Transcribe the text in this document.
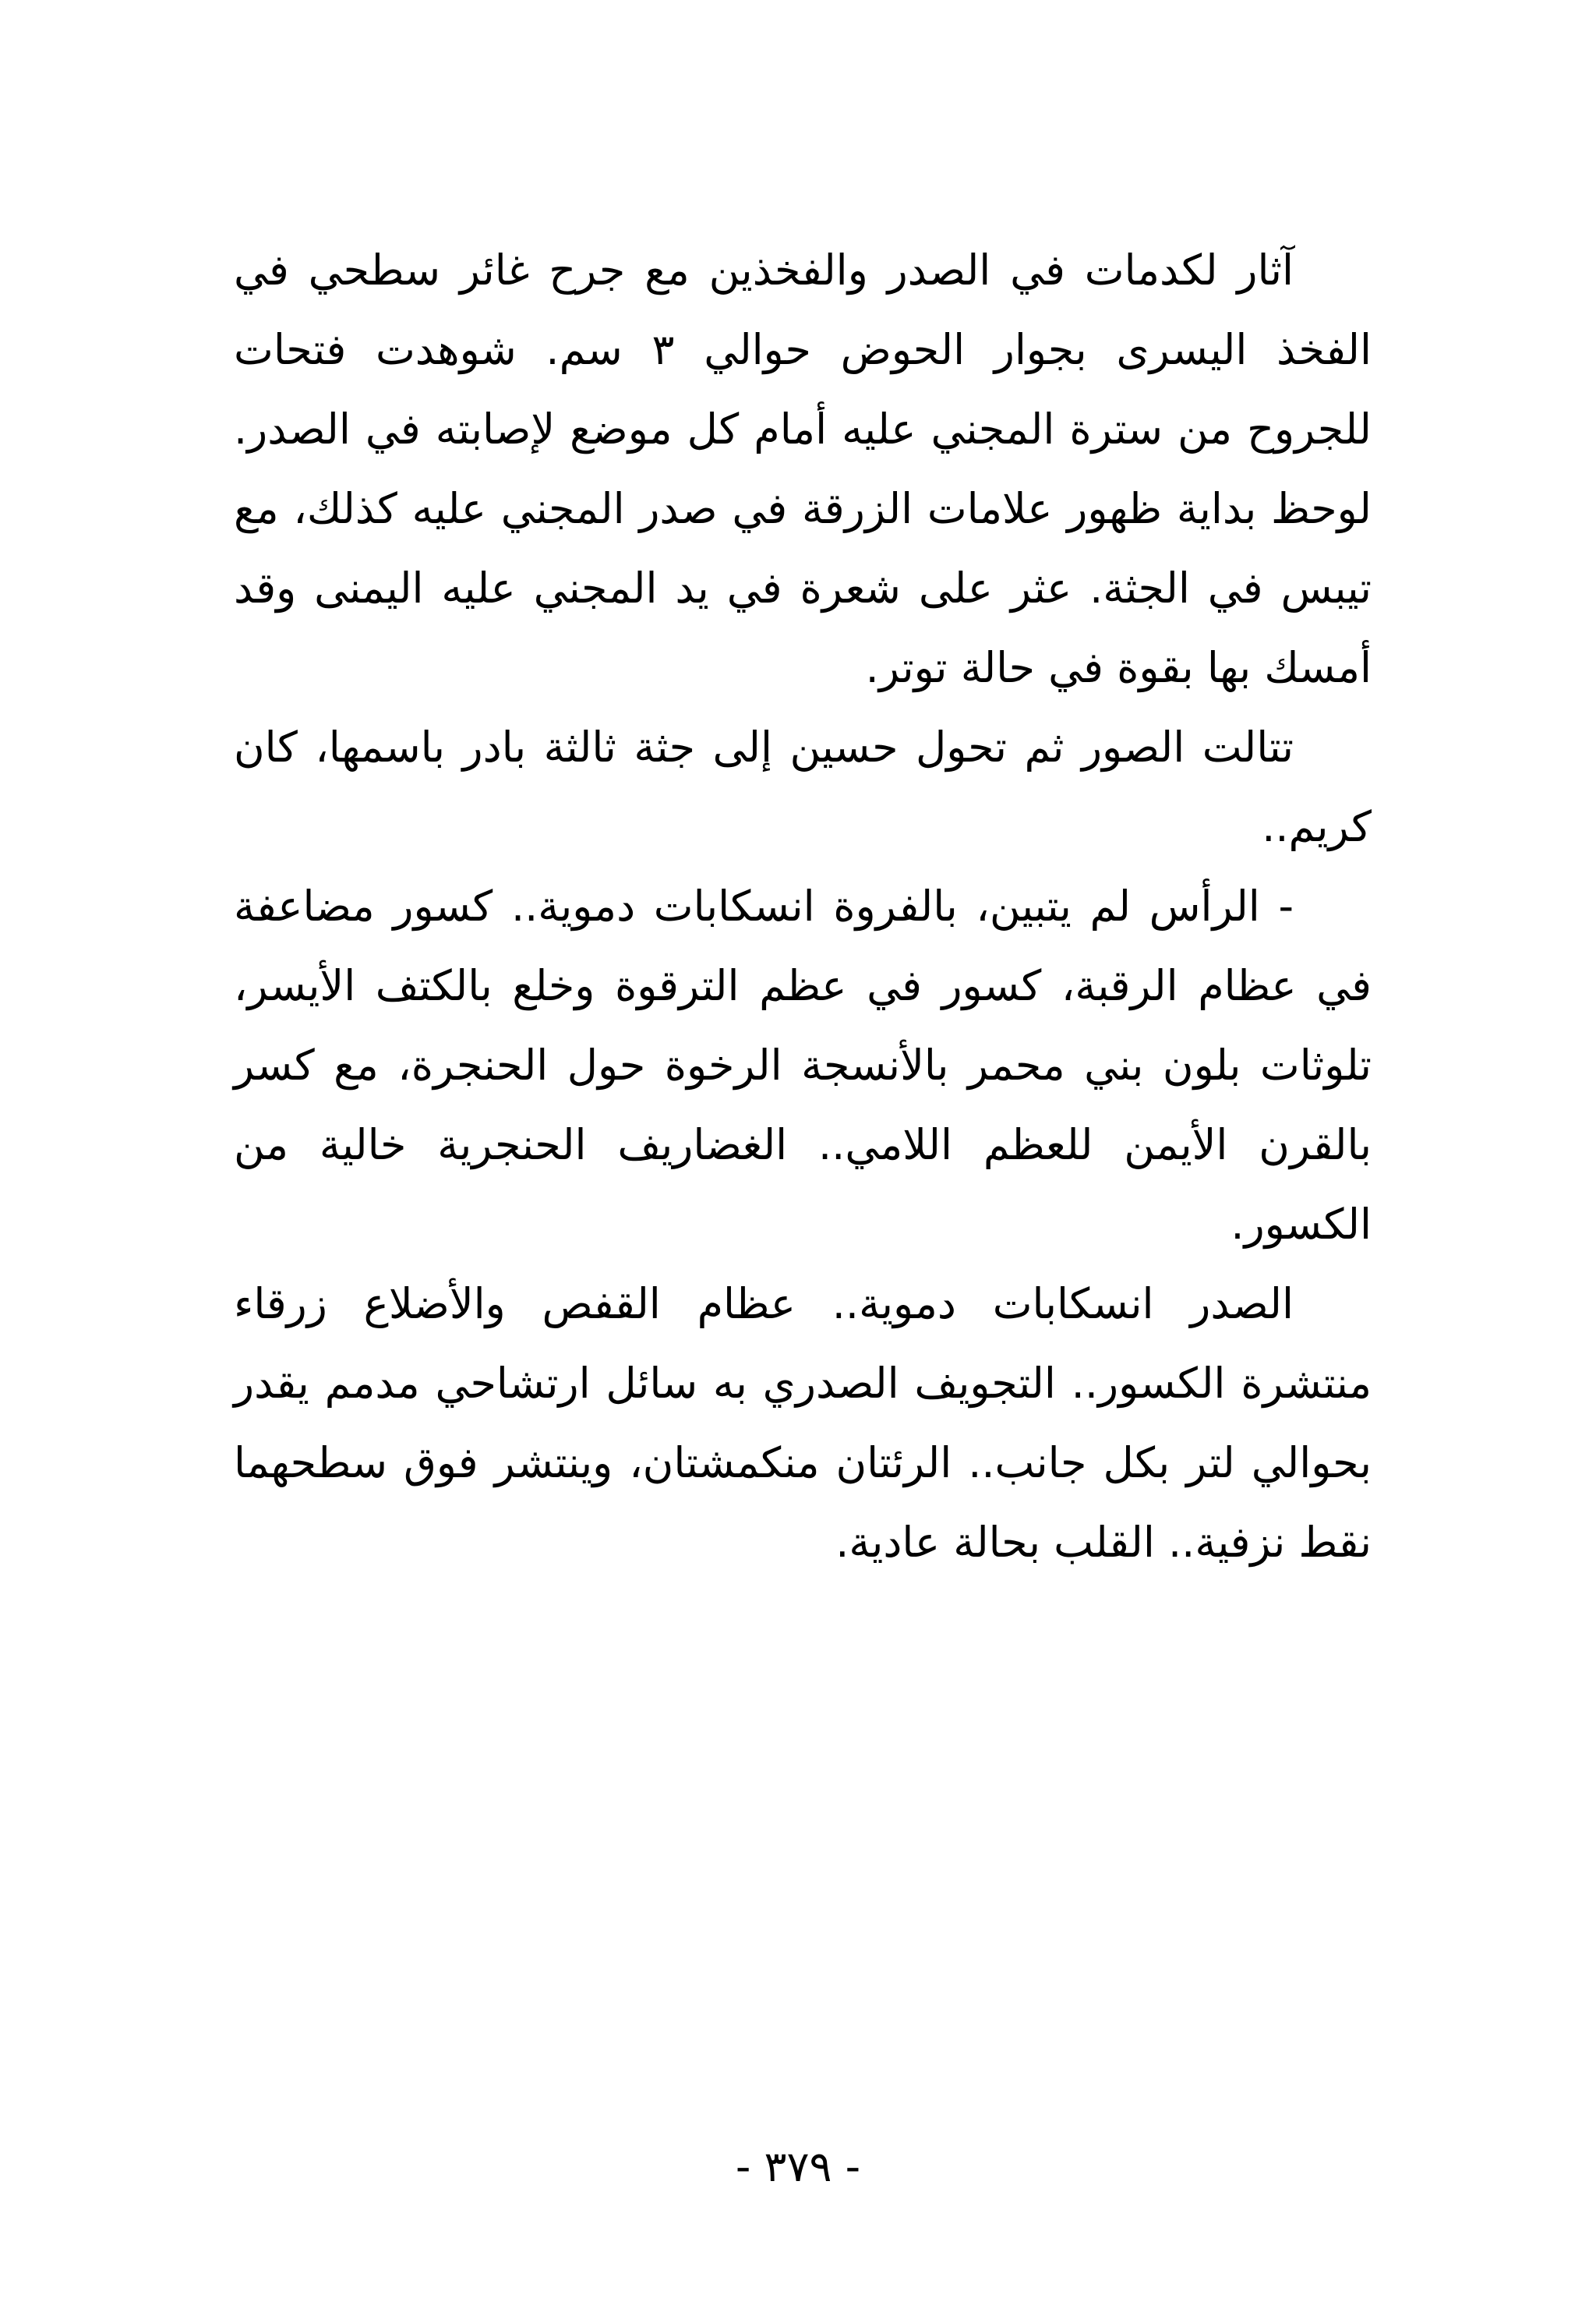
آثار لكدمات في الصدر والفخذين مع جرح غائر سطحي في الفخذ اليسرى بجوار الحوض حوالي ٣ سم. شوهدت فتحات للجروح من سترة المجني عليه أمام كل موضع لإصابته في الصدر. لوحظ بداية ظهور علامات الزرقة في صدر المجني عليه كذلك، مع تيبس في الجثة. عثر على شعرة في يد المجني عليه اليمنى وقد أمسك بها بقوة في حالة توتر.

تتالت الصور ثم تحول حسين إلى جثة ثالثة بادر باسمها، كان كريم..

- الرأس لم يتبين، بالفروة انسكابات دموية.. كسور مضاعفة في عظام الرقبة، كسور في عظم الترقوة وخلع بالكتف الأيسر، تلوثات بلون بني محمر بالأنسجة الرخوة حول الحنجرة، مع كسر بالقرن الأيمن للعظم اللامي.. الغضاريف الحنجرية خالية من الكسور.

الصدر انسكابات دموية.. عظام القفص والأضلاع زرقاء منتشرة الكسور.. التجويف الصدري به سائل ارتشاحي مدمم يقدر بحوالي لتر بكل جانب.. الرئتان منكمشتان، وينتشر فوق سطحهما نقط نزفية.. القلب بحالة عادية.

- ٣٧٩ -
